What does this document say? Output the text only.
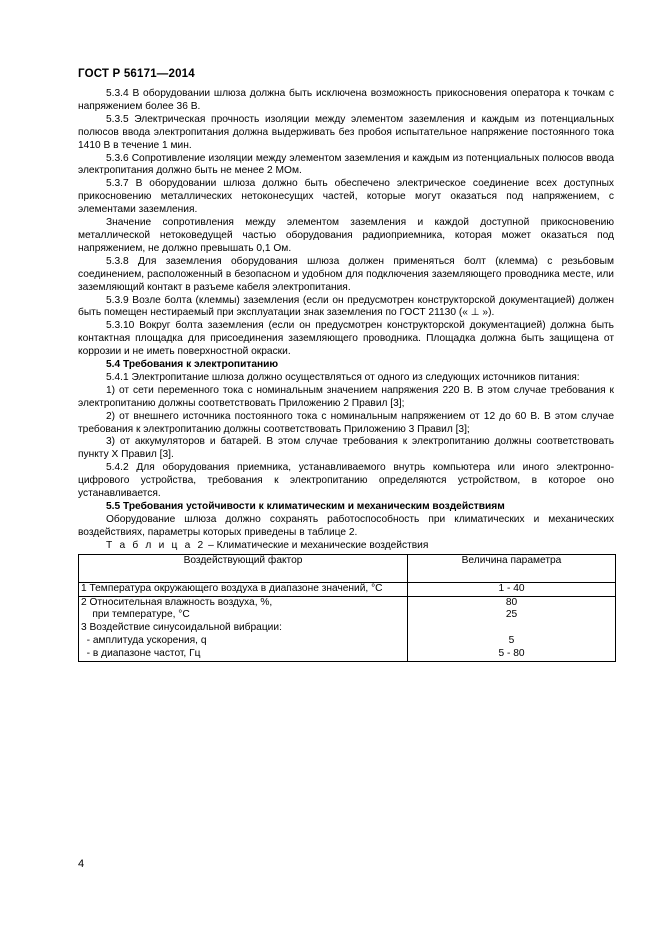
ГОСТ Р 56171—2014

5.3.4 В оборудовании шлюза должна быть исключена возможность прикосновения оператора к точкам с напряжением более 36 В.

5.3.5 Электрическая прочность изоляции между элементом заземления и каждым из потенциальных полюсов ввода электропитания должна выдерживать без пробоя испытательное напряжение постоянного тока 1410 В в течение 1 мин.

5.3.6 Сопротивление изоляции между элементом заземления и каждым из потенциальных полюсов ввода электропитания должно быть не менее 2 МОм.

5.3.7 В оборудовании шлюза должно быть обеспечено электрическое соединение всех доступных прикосновению металлических нетоконесущих частей, которые могут оказаться под напряжением, с элементами заземления.

Значение сопротивления между элементом заземления и каждой доступной прикосновению металлической нетоковедущей частью оборудования радиоприемника, которая может оказаться под напряжением, не должно превышать 0,1 Ом.

5.3.8 Для заземления оборудования шлюза должен применяться болт (клемма) с резьбовым соединением, расположенный в безопасном и удобном для подключения заземляющего проводника месте, или заземляющий контакт в разъеме кабеля электропитания.

5.3.9 Возле болта (клеммы) заземления (если он предусмотрен конструкторской документацией) должен быть помещен нестираемый при эксплуатации знак заземления по ГОСТ 21130 (« ⊥ »).

5.3.10 Вокруг болта заземления (если он предусмотрен конструкторской документацией) должна быть контактная площадка для присоединения заземляющего проводника. Площадка должна быть защищена от коррозии и не иметь поверхностной окраски.

5.4 Требования к электропитанию

5.4.1 Электропитание шлюза должно осуществляться от одного из следующих источников питания:

1) от сети переменного тока с номинальным значением напряжения 220 В. В этом случае требования к электропитанию должны соответствовать Приложению 2 Правил [3];

2) от внешнего источника постоянного тока с номинальным напряжением от 12 до 60 В. В этом случае требования к электропитанию должны соответствовать Приложению 3 Правил [3];

3) от аккумуляторов и батарей. В этом случае требования к электропитанию должны соответствовать пункту X Правил [3].

5.4.2 Для оборудования приемника, устанавливаемого внутрь компьютера или иного электронно-цифрового устройства, требования к электропитанию определяются устройством, в которое оно устанавливается.

5.5 Требования устойчивости к климатическим и механическим воздействиям

Оборудование шлюза должно сохранять работоспособность при климатических и механических воздействиях, параметры которых приведены в таблице 2.

Т а б л и ц а 2 – Климатические и механические воздействия

Воздействующий фактор	Величина параметра
1 Температура окружающего воздуха в диапазоне значений, °С	1 - 40
2 Относительная влажность воздуха, %,	80
при температуре, °С	25
3 Воздействие синусоидальной вибрации:	
- амплитуда ускорения, q	5
- в диапазоне частот, Гц	5 - 80
4
